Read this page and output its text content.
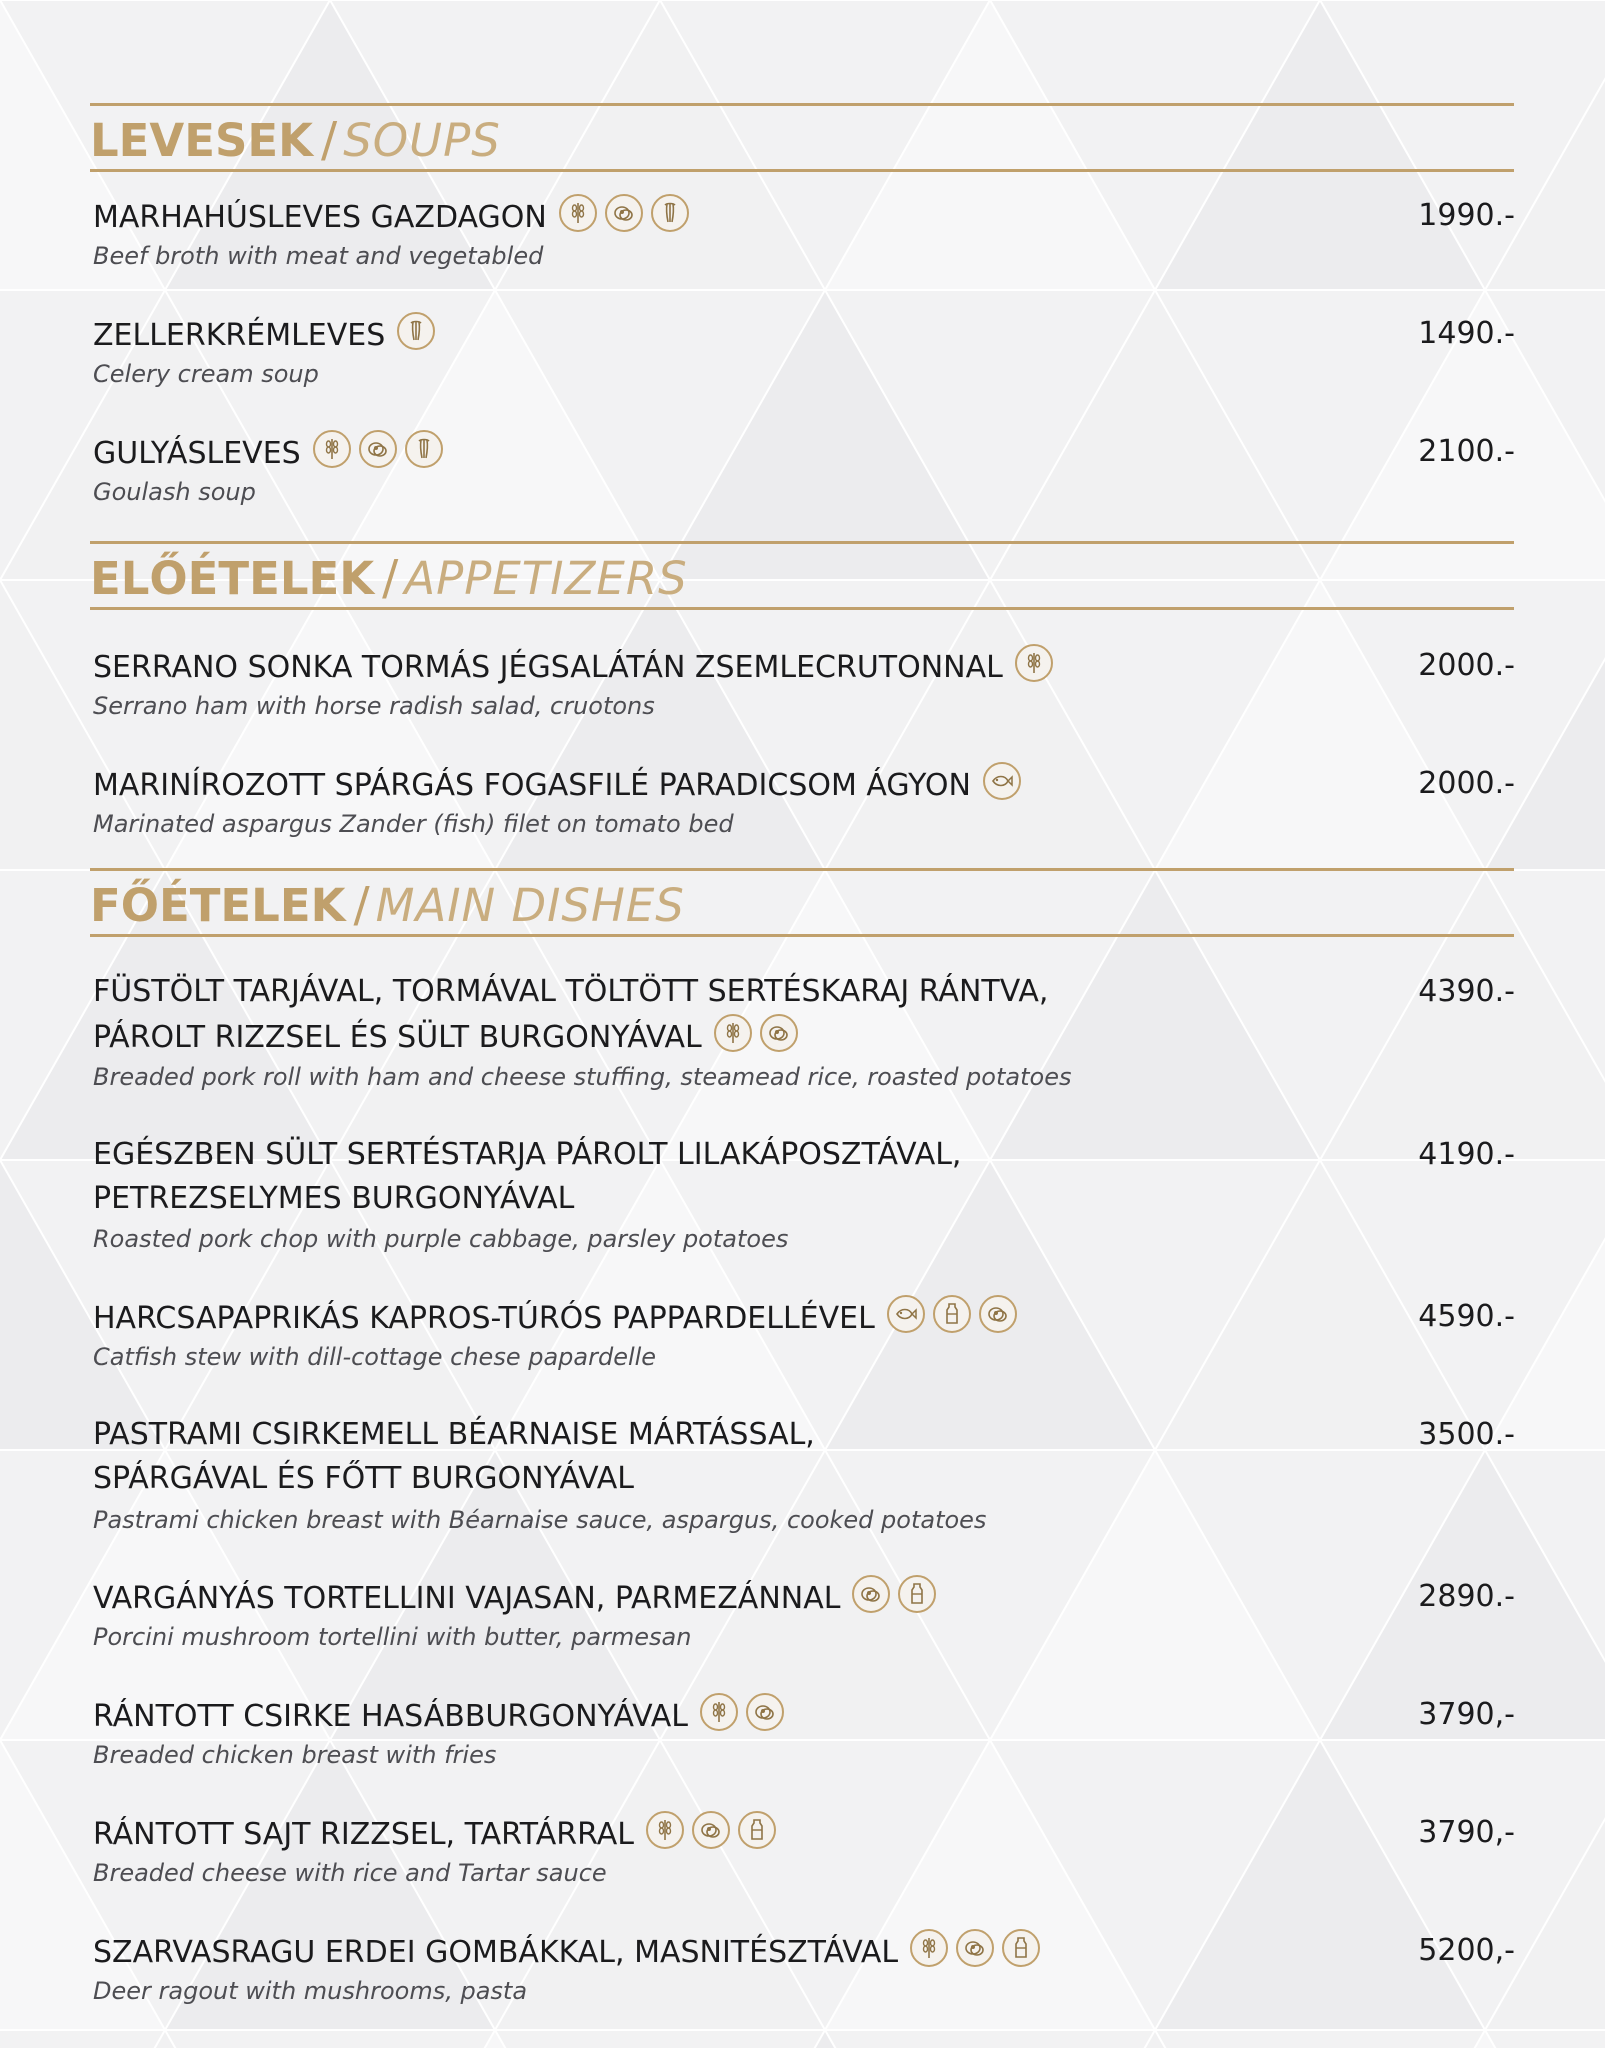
LEVESEK / SOUPS
MARHAHÚSLEVES GAZDAGON
Beef broth with meat and vegetabled
1990.-
ZELLERKRÉMLEVES
Celery cream soup
1490.-
GULYÁSLEVES
Goulash soup
2100.-
ELŐÉTELEK / APPETIZERS
SERRANO SONKA TORMÁS JÉGSALÁTÁN ZSEMLECRUTONNAL
Serrano ham with horse radish salad, cruotons
2000.-
MARINÍROZOTT SPÁRGÁS FOGASFILÉ PARADICSOM ÁGYON
Marinated aspargus Zander (fish) filet on tomato bed
2000.-
FŐÉTELEK / MAIN DISHES
FÜSTÖLT TARJÁVAL, TORMÁVAL TÖLTÖTT SERTÉSKARAJ RÁNTVA,
PÁROLT RIZZSEL ÉS SÜLT BURGONYÁVAL
Breaded pork roll with ham and cheese stuffing, steamead rice, roasted potatoes
4390.-
EGÉSZBEN SÜLT SERTÉSTARJA PÁROLT LILAKÁPOSZTÁVAL,
PETREZSELYMES BURGONYÁVAL
Roasted pork chop with purple cabbage, parsley potatoes
4190.-
HARCSAPAPRIKÁS KAPROS-TÚRÓS PAPPARDELLÉVEL
Catfish stew with dill-cottage chese papardelle
4590.-
PASTRAMI CSIRKEMELL BÉARNAISE MÁRTÁSSAL,
SPÁRGÁVAL ÉS FŐTT BURGONYÁVAL
Pastrami chicken breast with Béarnaise sauce, aspargus, cooked potatoes
3500.-
VARGÁNYÁS TORTELLINI VAJASAN, PARMEZÁNNAL
Porcini mushroom tortellini with butter, parmesan
2890.-
RÁNTOTT CSIRKE HASÁBBURGONYÁVAL
Breaded chicken breast with fries
3790,-
RÁNTOTT SAJT RIZZSEL, TARTÁRRAL
Breaded cheese with rice and Tartar sauce
3790,-
SZARVASRAGU ERDEI GOMBÁKKAL, MASNITÉSZTÁVAL
Deer ragout with mushrooms, pasta
5200,-
